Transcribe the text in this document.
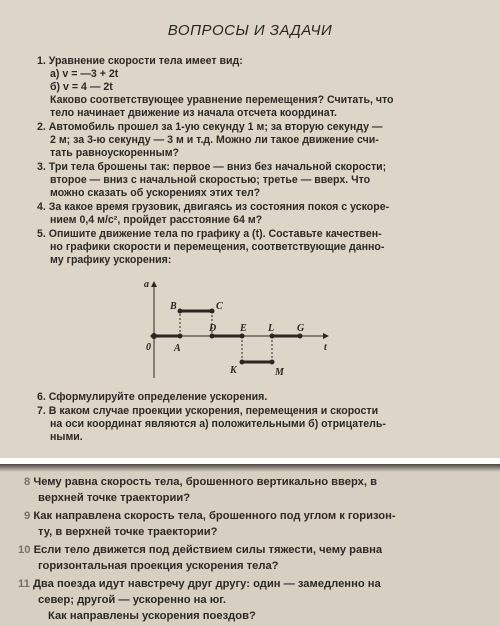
ВОПРОСЫ И ЗАДАЧИ
1. Уравнение скорости тела имеет вид:
а) v = —3 + 2t
б) v = 4 — 2t
Каково соответствующее уравнение перемещения? Считать, что
тело начинает движение из начала отсчета координат.
2. Автомобиль прошел за 1-ую секунду 1 м; за вторую секунду —
2 м; за 3-ю секунду — 3 м и т.д. Можно ли такое движение счи-
тать равноускоренным?
3. Три тела брошены так: первое — вниз без начальной скорости;
второе — вниз с начальной скоростью; третье — вверх. Что
можно сказать об ускорениях этих тел?
4. За какое время грузовик, двигаясь из состояния покоя с ускоре-
нием 0,4 м/с², пройдет расстояние 64 м?
5. Опишите движение тела по графику a (t). Составьте качествен-
но графики скорости и перемещения, соответствующие данно-
му графику ускорения:
a
t
0 A
B	C
D E L G
K	M
6. Сформулируйте определение ускорения.
7. В каком случае проекции ускорения, перемещения и скорости
на оси координат являются а) положительными б) отрицатель-
ными.
8 Чему равна скорость тела, брошенного вертикально вверх, в
верхней точке траектории?
9 Как направлена скорость тела, брошенного под углом к горизон-
ту, в верхней точке траектории?
10 Если тело движется под действием силы тяжести, чему равна
горизонтальная проекция ускорения тела?
11 Два поезда идут навстречу друг другу: один — замедленно на
север; другой — ускоренно на юг.
Как направлены ускорения поездов?
